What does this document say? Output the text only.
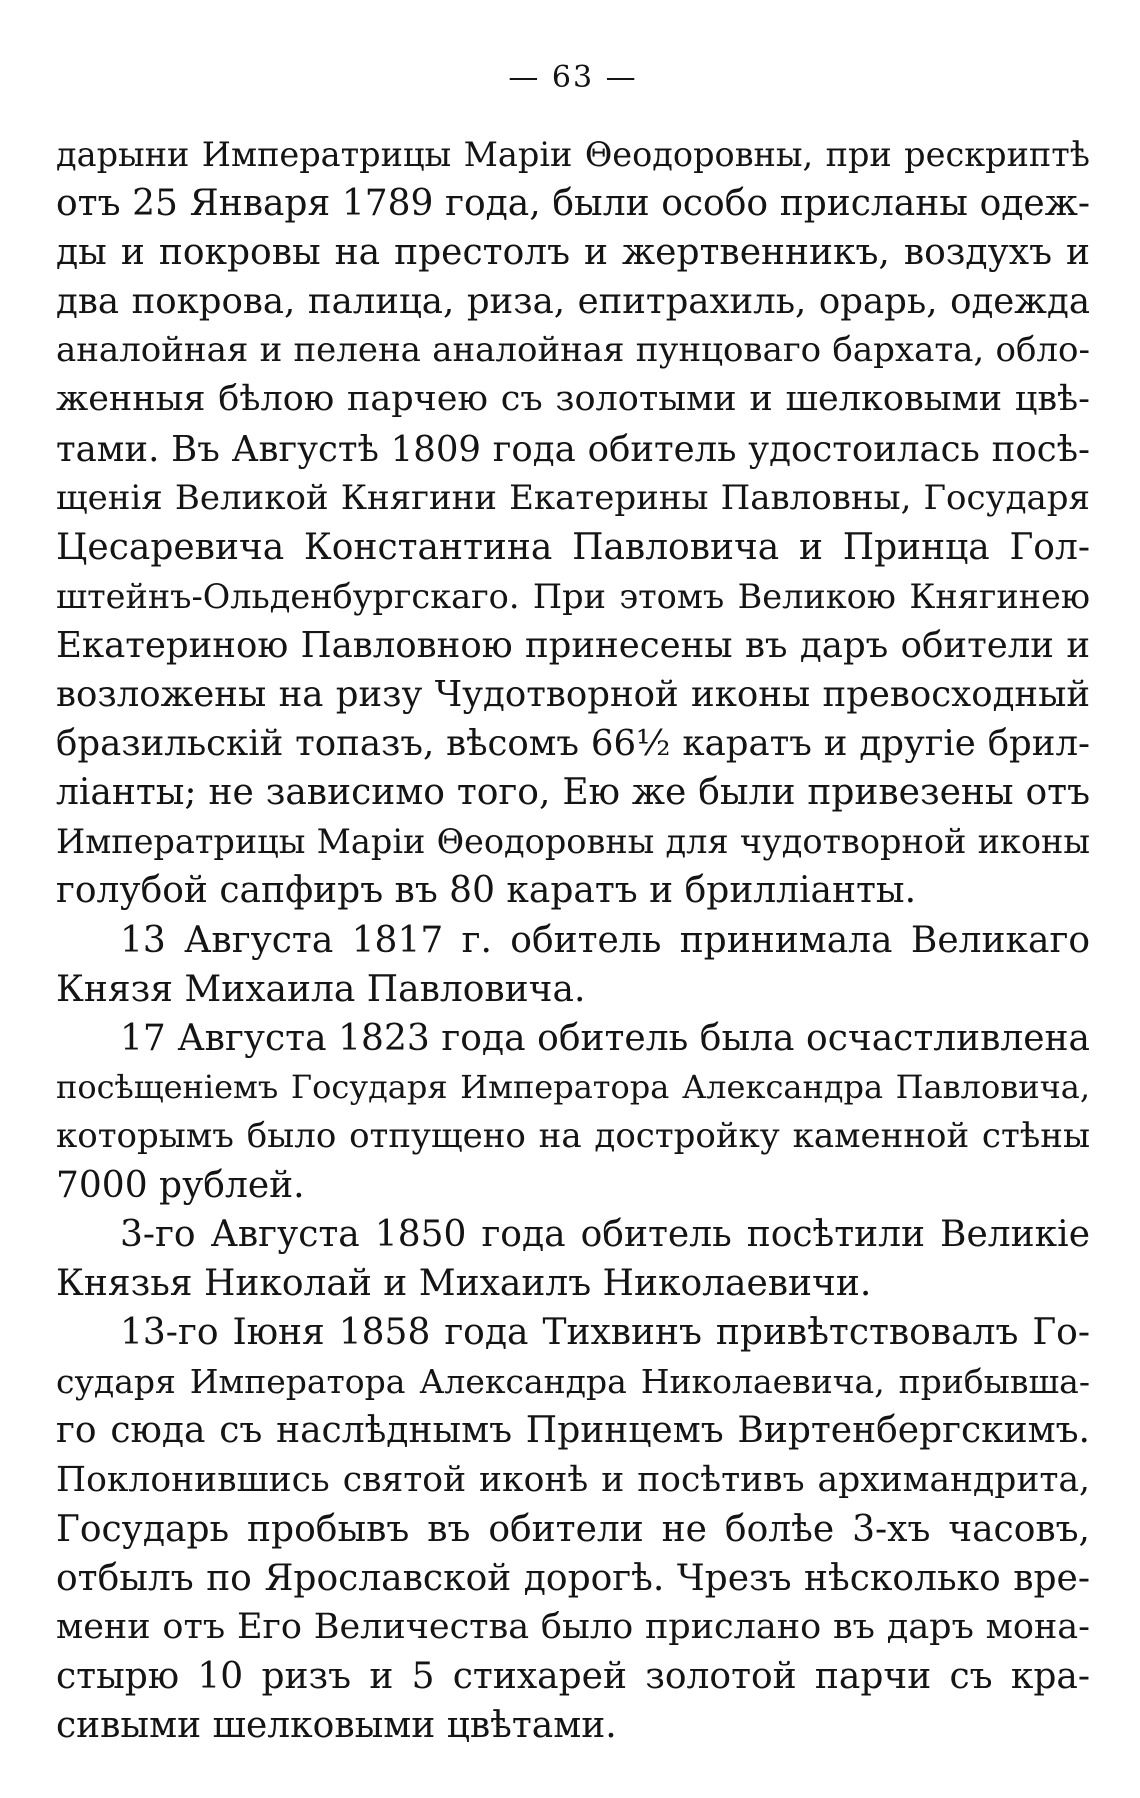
— 63 —
дарыни Императрицы Маріи Θеодоровны, при рескриптѣ
отъ 25 Января 1789 года, были особо присланы одеж-
ды и покровы на престолъ и жертвенникъ, воздухъ и
два покрова, палица, риза, епитрахиль, орарь, одежда
аналойная и пелена аналойная пунцоваго бархата, обло-
женныя бѣлою парчею съ золотыми и шелковыми цвѣ-
тами. Въ Августѣ 1809 года обитель удостоилась посѣ-
щенія Великой Княгини Екатерины Павловны, Государя
Цесаревича Константина Павловича и Принца Гол-
штейнъ-Ольденбургскаго. При этомъ Великою Княгинею
Екатериною Павловною принесены въ даръ обители и
возложены на ризу Чудотворной иконы превосходный
бразильскій топазъ, вѣсомъ 66½ каратъ и другіе брил-
ліанты; не зависимо того, Ею же были привезены отъ
Императрицы Маріи Θеодоровны для чудотворной иконы
голубой сапфиръ въ 80 каратъ и брилліанты.
13 Августа 1817 г. обитель принимала Великаго
Князя Михаила Павловича.
17 Августа 1823 года обитель была осчастливлена
посѣщеніемъ Государя Императора Александра Павловича,
которымъ было отпущено на достройку каменной стѣны
7000 рублей.
3-го Августа 1850 года обитель посѣтили Великіе
Князья Николай и Михаилъ Николаевичи.
13-го Іюня 1858 года Тихвинъ привѣтствовалъ Го-
сударя Императора Александра Николаевича, прибывша-
го сюда съ наслѣднымъ Принцемъ Виртенбергскимъ.
Поклонившись святой иконѣ и посѣтивъ архимандрита,
Государь пробывъ въ обители не болѣе 3-хъ часовъ,
отбылъ по Ярославской дорогѣ. Чрезъ нѣсколько вре-
мени отъ Его Величества было прислано въ даръ мона-
стырю 10 ризъ и 5 стихарей золотой парчи съ кра-
сивыми шелковыми цвѣтами.
